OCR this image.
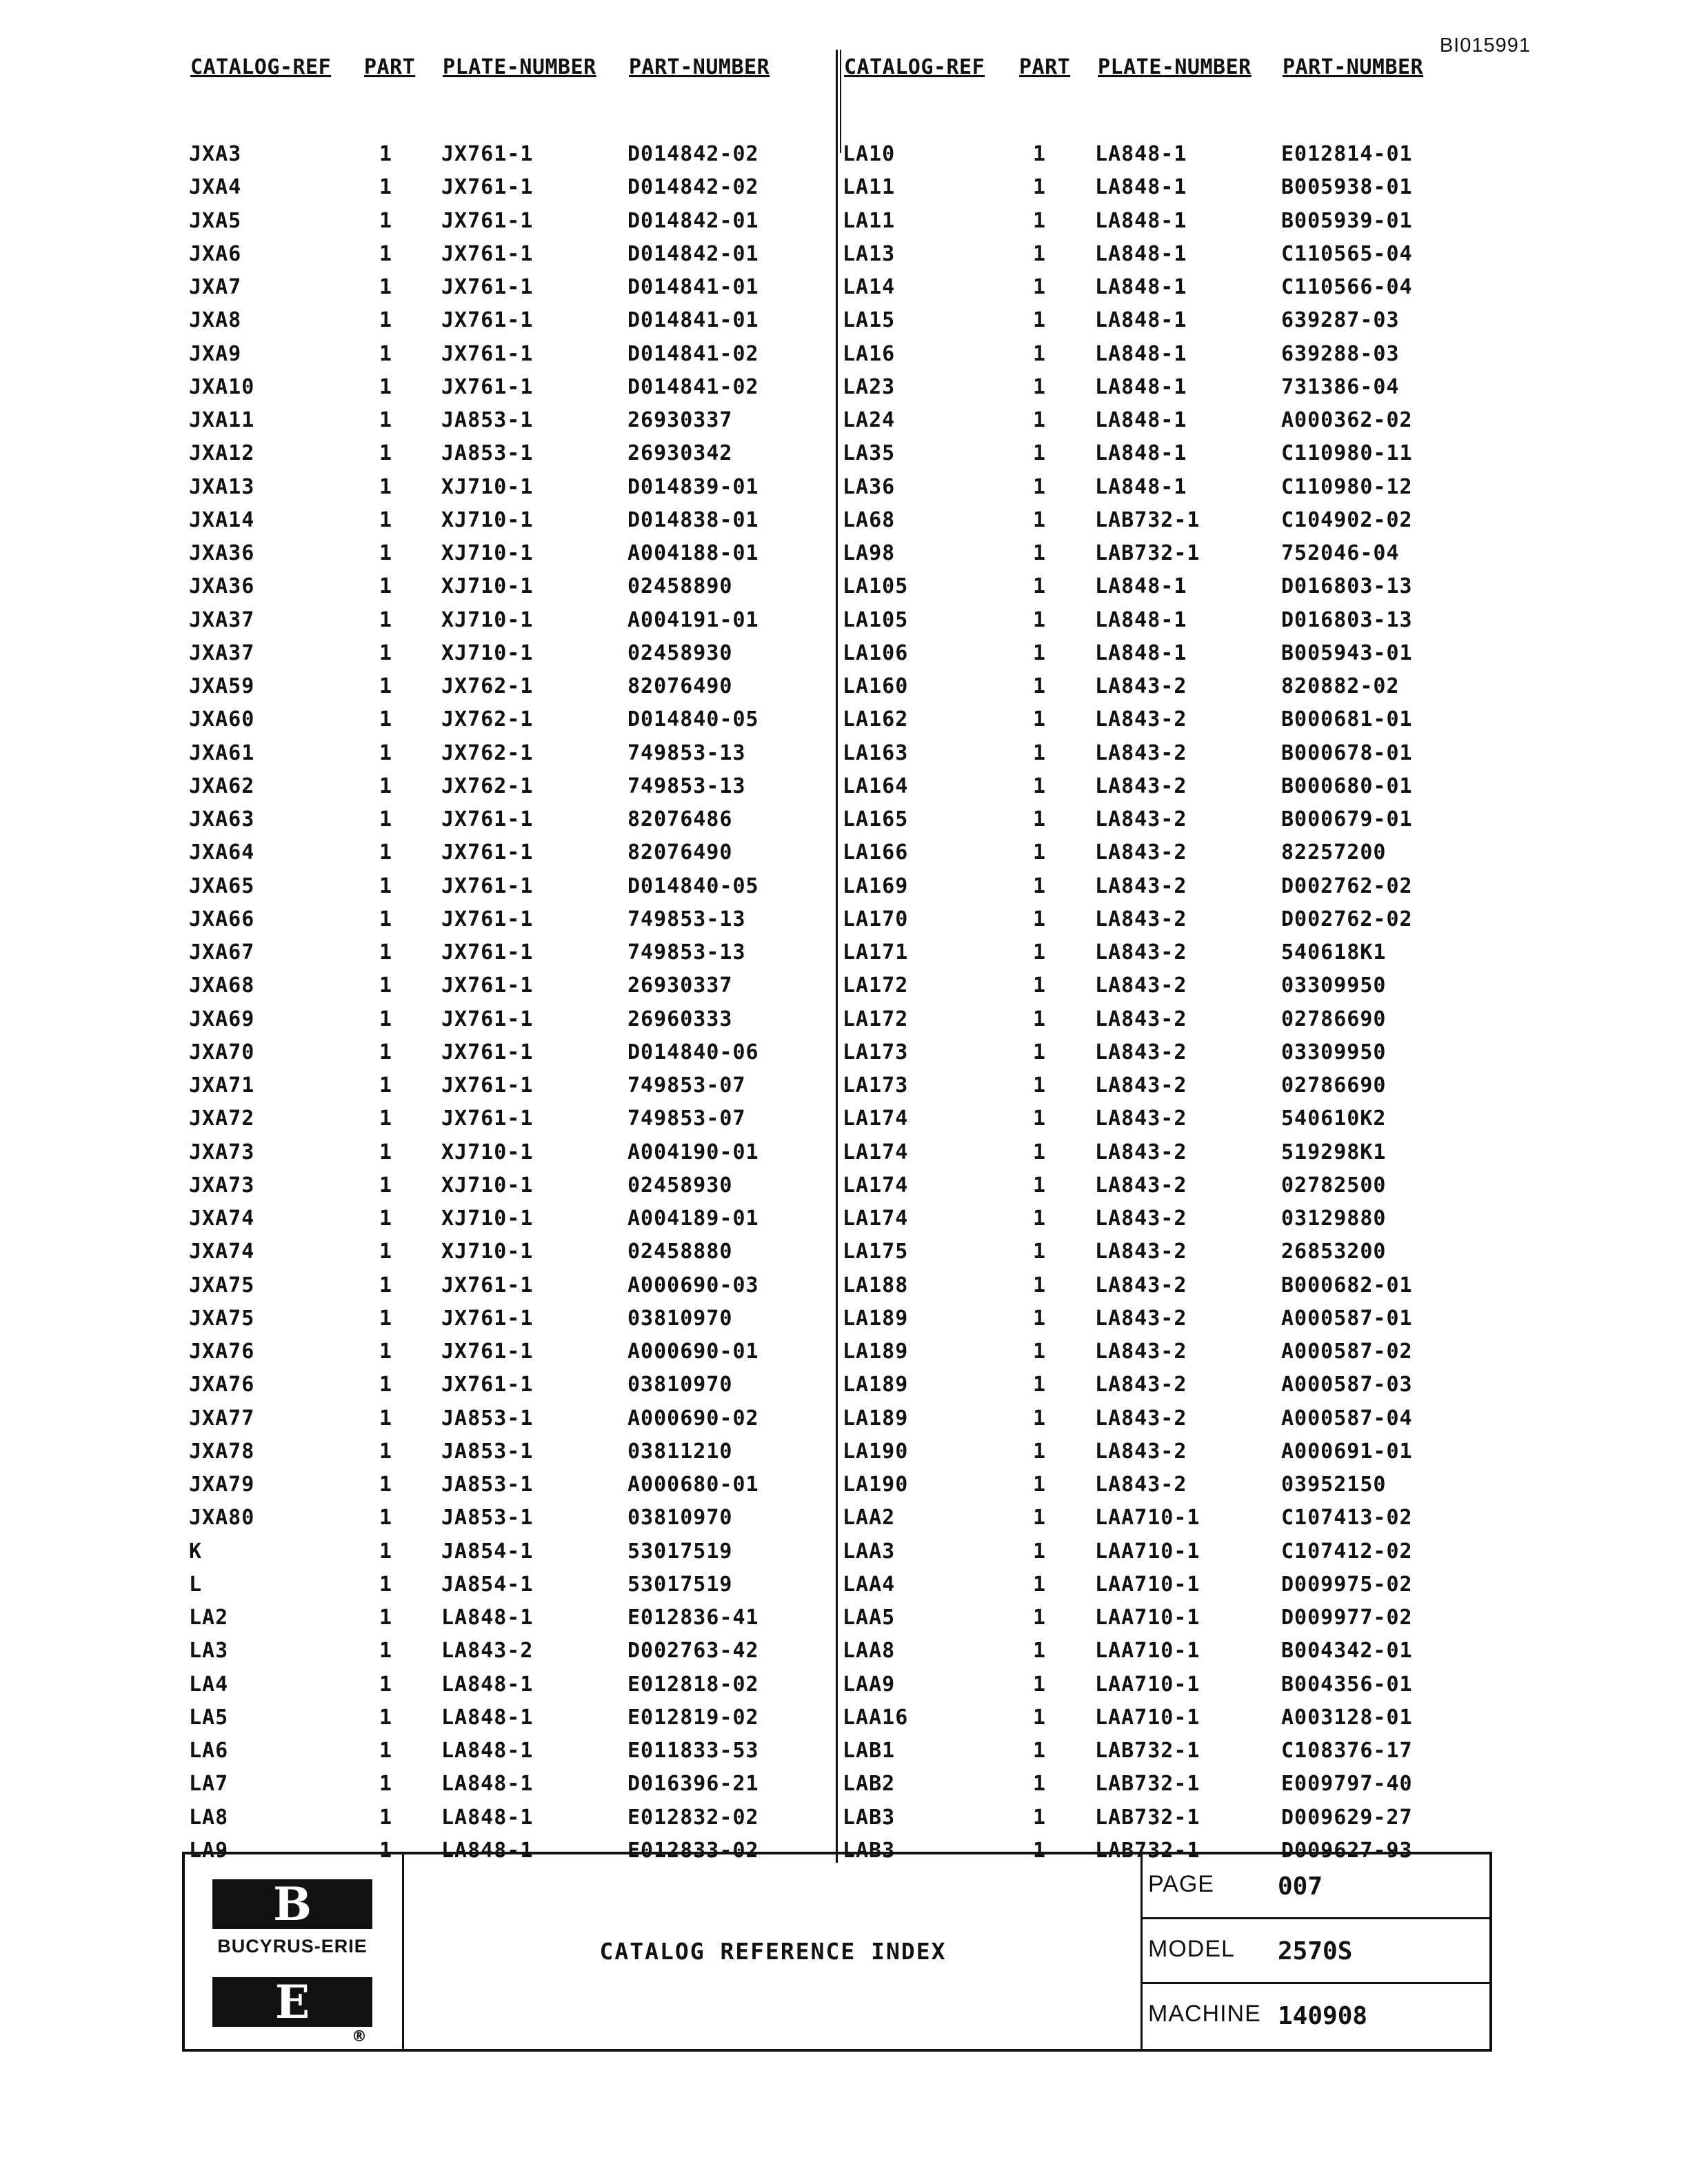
BI015991
CATALOG-REF PART PLATE-NUMBER PART-NUMBER	CATALOG-REF PART PLATE-NUMBER PART-NUMBER
JXA3	1 JX761-1	D014842-02
JXA4	1 JX761-1	D014842-02
JXA5	1 JX761-1	D014842-01
JXA6	1 JX761-1	D014842-01
JXA7	1 JX761-1	D014841-01
JXA8	1 JX761-1	D014841-01
JXA9	1 JX761-1	D014841-02
JXA10	1 JX761-1	D014841-02
JXA11	1 JA853-1	26930337
JXA12	1 JA853-1	26930342
JXA13	1 XJ710-1	D014839-01
JXA14	1 XJ710-1	D014838-01
JXA36	1 XJ710-1	A004188-01
JXA36	1 XJ710-1	02458890
JXA37	1 XJ710-1	A004191-01
JXA37	1 XJ710-1	02458930
JXA59	1 JX762-1	82076490
JXA60	1 JX762-1	D014840-05
JXA61	1 JX762-1	749853-13
JXA62	1 JX762-1	749853-13
JXA63	1 JX761-1	82076486
JXA64	1 JX761-1	82076490
JXA65	1 JX761-1	D014840-05
JXA66	1 JX761-1	749853-13
JXA67	1 JX761-1	749853-13
JXA68	1 JX761-1	26930337
JXA69	1 JX761-1	26960333
JXA70	1 JX761-1	D014840-06
JXA71	1 JX761-1	749853-07
JXA72	1 JX761-1	749853-07
JXA73	1 XJ710-1	A004190-01
JXA73	1 XJ710-1	02458930
JXA74	1 XJ710-1	A004189-01
JXA74	1 XJ710-1	02458880
JXA75	1 JX761-1	A000690-03
JXA75	1 JX761-1	03810970
JXA76	1 JX761-1	A000690-01
JXA76	1 JX761-1	03810970
JXA77	1 JA853-1	A000690-02
JXA78	1 JA853-1	03811210
JXA79	1 JA853-1	A000680-01
JXA80	1 JA853-1	03810970
K	1 JA854-1	53017519
L	1 JA854-1	53017519
LA2	1 LA848-1	E012836-41
LA3	1 LA843-2	D002763-42
LA4	1 LA848-1	E012818-02
LA5	1 LA848-1	E012819-02
LA6	1 LA848-1	E011833-53
LA7	1 LA848-1	D016396-21
LA8	1 LA848-1	E012832-02
LA9	1 LA848-1	E012833-02
LA10	1 LA848-1	E012814-01
LA11	1 LA848-1	B005938-01
LA11	1 LA848-1	B005939-01
LA13	1 LA848-1	C110565-04
LA14	1 LA848-1	C110566-04
LA15	1 LA848-1	639287-03
LA16	1 LA848-1	639288-03
LA23	1 LA848-1	731386-04
LA24	1 LA848-1	A000362-02
LA35	1 LA848-1	C110980-11
LA36	1 LA848-1	C110980-12
LA68	1 LAB732-1	C104902-02
LA98	1 LAB732-1	752046-04
LA105	1 LA848-1	D016803-13
LA105	1 LA848-1	D016803-13
LA106	1 LA848-1	B005943-01
LA160	1 LA843-2	820882-02
LA162	1 LA843-2	B000681-01
LA163	1 LA843-2	B000678-01
LA164	1 LA843-2	B000680-01
LA165	1 LA843-2	B000679-01
LA166	1 LA843-2	82257200
LA169	1 LA843-2	D002762-02
LA170	1 LA843-2	D002762-02
LA171	1 LA843-2	540618K1
LA172	1 LA843-2	03309950
LA172	1 LA843-2	02786690
LA173	1 LA843-2	03309950
LA173	1 LA843-2	02786690
LA174	1 LA843-2	540610K2
LA174	1 LA843-2	519298K1
LA174	1 LA843-2	02782500
LA174	1 LA843-2	03129880
LA175	1 LA843-2	26853200
LA188	1 LA843-2	B000682-01
LA189	1 LA843-2	A000587-01
LA189	1 LA843-2	A000587-02
LA189	1 LA843-2	A000587-03
LA189	1 LA843-2	A000587-04
LA190	1 LA843-2	A000691-01
LA190	1 LA843-2	03952150
LAA2	1 LAA710-1	C107413-02
LAA3	1 LAA710-1	C107412-02
LAA4	1 LAA710-1	D009975-02
LAA5	1 LAA710-1	D009977-02
LAA8	1 LAA710-1	B004342-01
LAA9	1 LAA710-1	B004356-01
LAA16	1 LAA710-1	A003128-01
LAB1	1 LAB732-1	C108376-17
LAB2	1 LAB732-1	E009797-40
LAB3	1 LAB732-1	D009629-27
LAB3	1 LAB732-1	D009627-93
B
BUCYRUS-ERIE
E
®
CATALOG REFERENCE INDEX
PAGE	007
MODEL 2570S
MACHINE 140908
